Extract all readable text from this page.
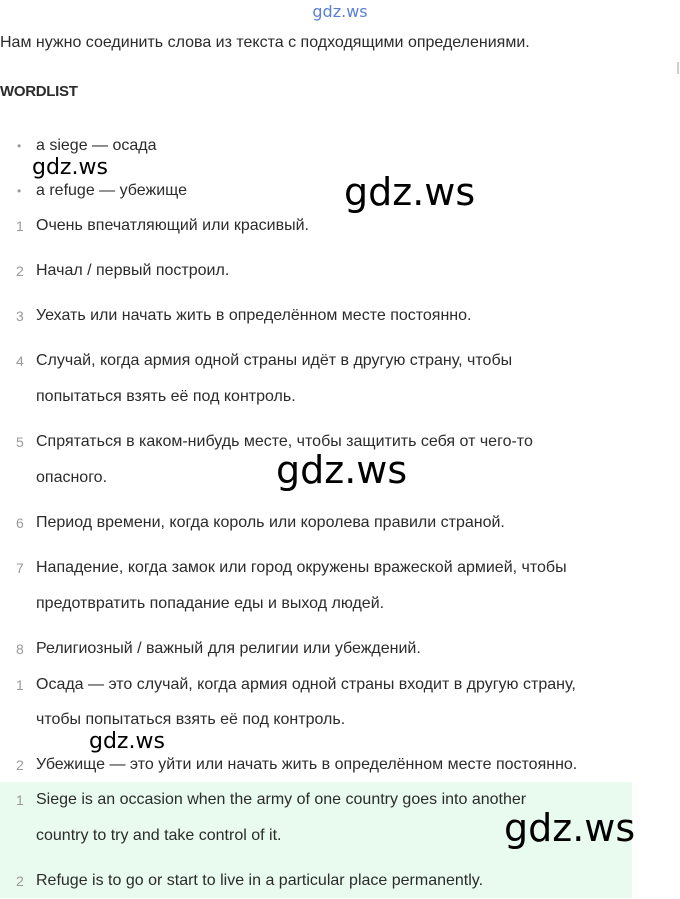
gdz.ws
Нам нужно соединить слова из текста с подходящими определениями.
WORDLIST
• a siege — осада
• a refuge — убежище
1 Очень впечатляющий или красивый.
2 Начал / первый построил.
3 Уехать или начать жить в определённом месте постоянно.
4 Случай, когда армия одной страны идёт в другую страну, чтобы
попытаться взять её под контроль.
5 Спрятаться в каком-нибудь месте, чтобы защитить себя от чего-то
опасного.
6 Период времени, когда король или королева правили страной.
7 Нападение, когда замок или город окружены вражеской армией, чтобы
предотвратить попадание еды и выход людей.
8 Религиозный / важный для религии или убеждений.
1 Осада — это случай, когда армия одной страны входит в другую страну,
чтобы попытаться взять её под контроль.
2 Убежище — это уйти или начать жить в определённом месте постоянно.
1 Siege is an occasion when the army of one country goes into another
country to try and take control of it.
2 Refuge is to go or start to live in a particular place permanently.
gdz.ws
gdz.ws
gdz.ws
gdz.ws
gdz.ws
